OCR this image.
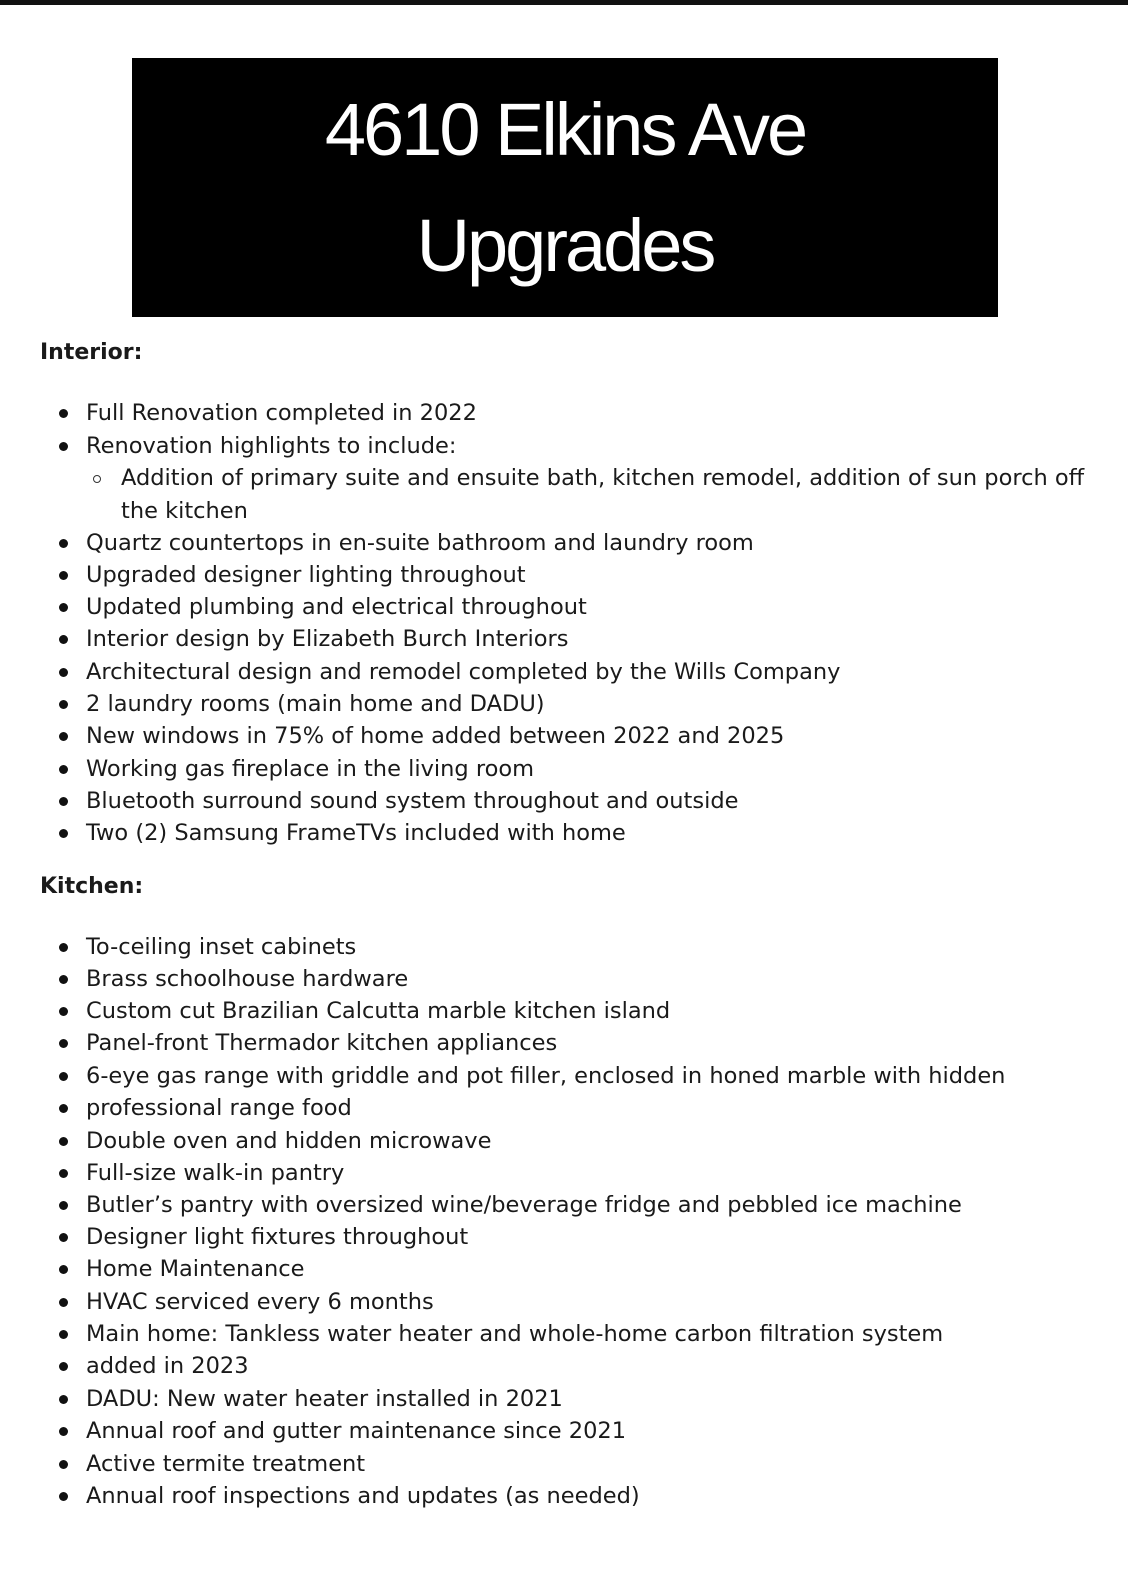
4610 Elkins Ave
Upgrades
Interior:
Full Renovation completed in 2022
Renovation highlights to include:
Addition of primary suite and ensuite bath, kitchen remodel, addition of sun porch off
the kitchen
Quartz countertops in en-suite bathroom and laundry room
Upgraded designer lighting throughout
Updated plumbing and electrical throughout
Interior design by Elizabeth Burch Interiors
Architectural design and remodel completed by the Wills Company
2 laundry rooms (main home and DADU)
New windows in 75% of home added between 2022 and 2025
Working gas fireplace in the living room
Bluetooth surround sound system throughout and outside
Two (2) Samsung FrameTVs included with home
Kitchen:
To-ceiling inset cabinets
Brass schoolhouse hardware
Custom cut Brazilian Calcutta marble kitchen island
Panel-front Thermador kitchen appliances
6-eye gas range with griddle and pot filler, enclosed in honed marble with hidden
professional range food
Double oven and hidden microwave
Full-size walk-in pantry
Butler’s pantry with oversized wine/beverage fridge and pebbled ice machine
Designer light fixtures throughout
Home Maintenance
HVAC serviced every 6 months
Main home: Tankless water heater and whole-home carbon filtration system
added in 2023
DADU: New water heater installed in 2021
Annual roof and gutter maintenance since 2021
Active termite treatment
Annual roof inspections and updates (as needed)
